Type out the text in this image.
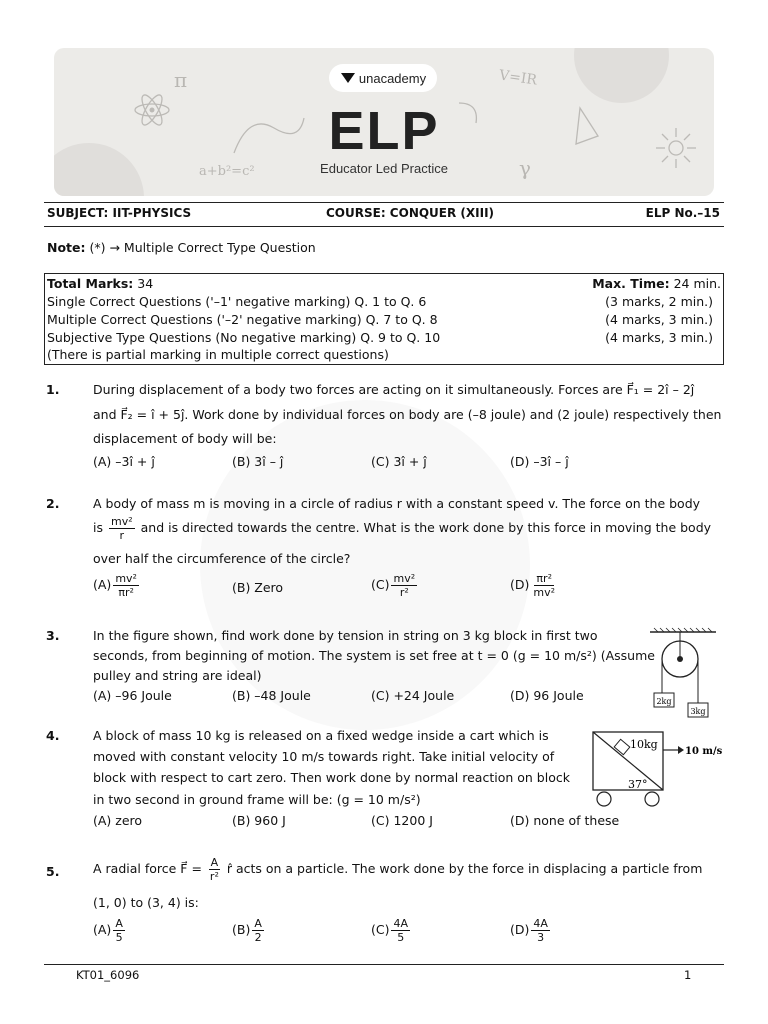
π	V=IR
a+b²=c²	γ
unacademy
ELP
Educator Led Practice
SUBJECT: IIT-PHYSICS	COURSE: CONQUER (XIII)	ELP No.–15
Note: (*) → Multiple Correct Type Question
Total Marks: 34	Max. Time: 24 min.
Single Correct Questions ('–1' negative marking) Q. 1 to Q. 6	(3 marks, 2 min.)
Multiple Correct Questions ('–2' negative marking) Q. 7 to Q. 8	(4 marks, 3 min.)
Subjective Type Questions (No negative marking) Q. 9 to Q. 10	(4 marks, 3 min.)
(There is partial marking in multiple correct questions)
1.	During displacement of a body two forces are acting on it simultaneously. Forces are F⃗₁ = 2î – 2ĵ
and F⃗₂ = î + 5ĵ. Work done by individual forces on body are (–8 joule) and (2 joule) respectively then
displacement of body will be:
(A) –3î + ĵ	(B) 3î – ĵ	(C) 3î + ĵ	(D) –3î – ĵ
2.	A body of mass m is moving in a circle of radius r with a constant speed v. The force on the body
is $\frac{\text{mv²}}{r}$ and is directed towards the centre. What is the work done by this force in moving the body
over half the circumference of the circle?
$(A) \frac{\text{mv²}}{\text{πr²}}$	(B) Zero	$(C) \frac{\text{mv²}}{\text{r²}}$	$(D) \frac{\text{πr²}}{\text{mv²}}$
3.	In the figure shown, find work done by tension in string on 3 kg block in first two
seconds, from beginning of motion. The system is set free at t = 0 (g = 10 m/s²) (Assume
pulley and string are ideal)
(A) –96 Joule	(B) –48 Joule	(C) +24 Joule	(D) 96 Joule	2kg
3kg
4.	A block of mass 10 kg is released on a fixed wedge inside a cart which is
moved with constant velocity 10 m/s towards right. Take initial velocity of
block with respect to cart zero. Then work done by normal reaction on block
in two second in ground frame will be: (g = 10 m/s²)
(A) zero	(B) 960 J	(C) 1200 J	(D) none of these
10kg
37°
10 m/s
5.	A radial force F⃗ = $\frac{A}{\text{r²}}$ r̂ acts on a particle. The work done by the force in displacing a particle from
(1, 0) to (3, 4) is:
$(A) \frac{A}{5}$	$(B) \frac{A}{2}$	$(C) \frac{4A}{5}$	$(D) \frac{4A}{3}$
KT01_6096	1
